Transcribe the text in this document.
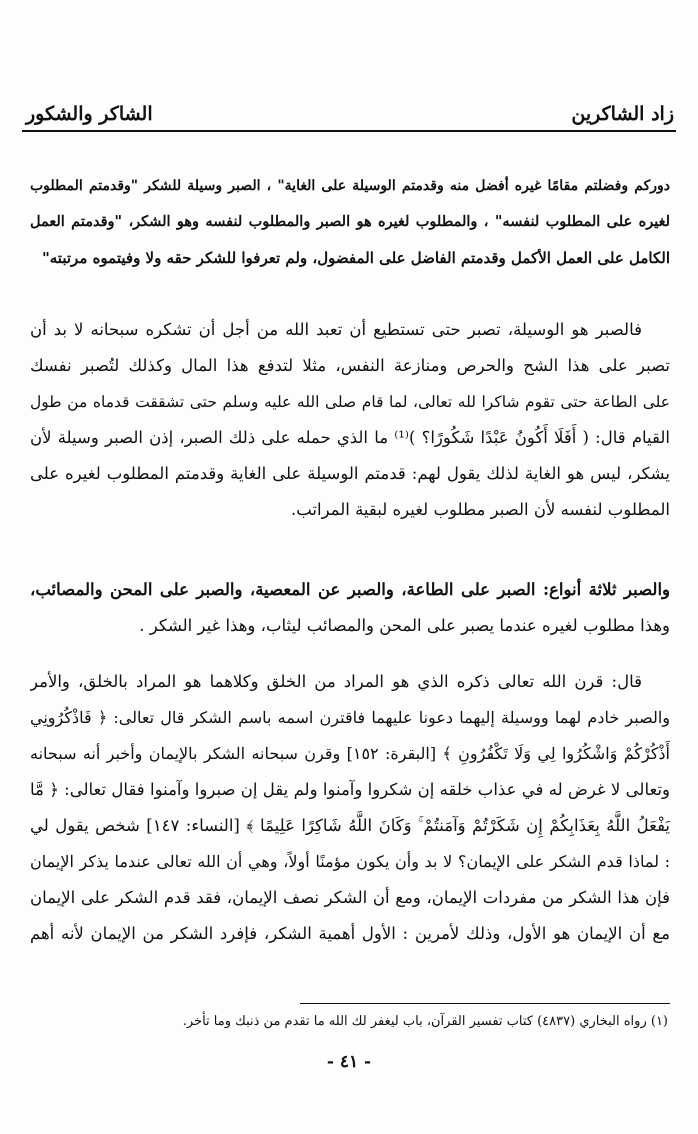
زاد الشاكرين
الشاكر والشكور
دوركم وفضلتم مقامًا غيره أفضل منه وقدمتم الوسيلة على الغاية" ، الصبر وسيلة للشكر "وقدمتم المطلوب
لغيره على المطلوب لنفسه" ، والمطلوب لغيره هو الصبر والمطلوب لنفسه وهو الشكر، "وقدمتم العمل
الكامل على العمل الأكمل وقدمتم الفاضل على المفضول، ولم تعرفوا للشكر حقه ولا وفيتموه مرتبته"
فالصبر هو الوسيلة، تصبر حتى تستطيع أن تعبد الله من أجل أن تشكره سبحانه لا بد أن
تصبر على هذا الشح والحرص ومنازعة النفس، مثلا لتدفع هذا المال وكذلك لتُصبر نفسك
على الطاعة حتى تقوم شاكرا لله تعالى، لما قام صلى الله عليه وسلم حتى تشققت قدماه من طول
القيام قال: ( أَفَلَا أَكُونُ عَبْدًا شَكُورًا؟ )⁽¹⁾ ما الذي حمله على ذلك الصبر، إذن الصبر وسيلة لأن
يشكر، ليس هو الغاية لذلك يقول لهم: قدمتم الوسيلة على الغاية وقدمتم المطلوب لغيره على
المطلوب لنفسه لأن الصبر مطلوب لغيره لبقية المراتب.
والصبر ثلاثة أنواع: الصبر على الطاعة، والصبر عن المعصية، والصبر على المحن والمصائب،
وهذا مطلوب لغيره عندما يصبر على المحن والمصائب ليثاب، وهذا غير الشكر .
قال: قرن الله تعالى ذكره الذي هو المراد من الخلق وكلاهما هو المراد بالخلق، والأمر
والصبر خادم لهما ووسيلة إليهما دعونا عليهما فاقترن اسمه باسم الشكر قال تعالى: ﴿ فَاذْكُرُونِي
أَذْكُرْكُمْ وَاشْكُرُوا لِي وَلَا تَكْفُرُونِ ﴾ [البقرة: ١٥٢] وقرن سبحانه الشكر بالإيمان وأخبر أنه سبحانه
وتعالى لا غرض له في عذاب خلقه إن شكروا وآمنوا ولم يقل إن صبروا وآمنوا فقال تعالى: ﴿ مَّا
يَفْعَلُ اللَّهُ بِعَذَابِكُمْ إِن شَكَرْتُمْ وَآمَنتُمْ ۚ وَكَانَ اللَّهُ شَاكِرًا عَلِيمًا ﴾ [النساء: ١٤٧] شخص يقول لي
: لماذا قدم الشكر على الإيمان؟ لا بد وأن يكون مؤمنًا أولاً، وهي أن الله تعالى عندما يذكر الإيمان
فإن هذا الشكر من مفردات الإيمان، ومع أن الشكر نصف الإيمان، فقد قدم الشكر على الإيمان
مع أن الإيمان هو الأول، وذلك لأمرين : الأول أهمية الشكر، فإفرد الشكر من الإيمان لأنه أهم
(١) رواه البخاري (٤٨٣٧) كتاب تفسير القرآن، باب ليغفر لك الله ما تقدم من ذنبك وما تأخر.
- ٤١ -
